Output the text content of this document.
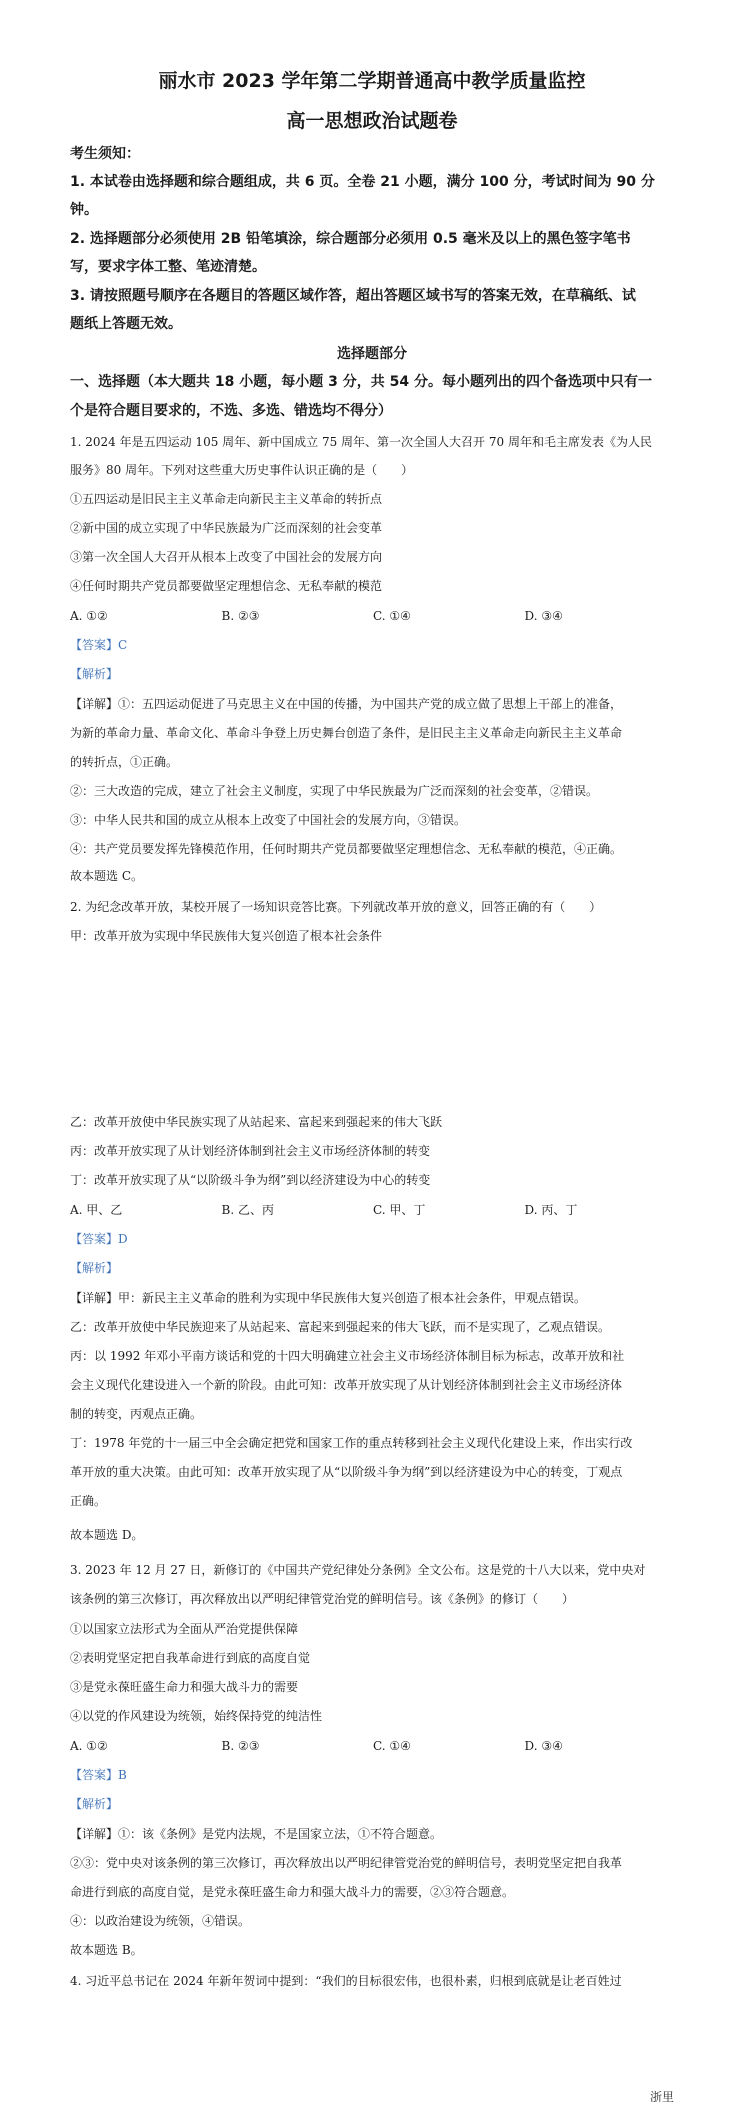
丽水市 2023 学年第二学期普通高中教学质量监控
高一思想政治试题卷
考生须知：
1. 本试卷由选择题和综合题组成，共 6 页。全卷 21 小题，满分 100 分，考试时间为 90 分
钟。
2. 选择题部分必须使用 2B 铅笔填涂，综合题部分必须用 0.5 毫米及以上的黑色签字笔书
写，要求字体工整、笔迹清楚。
3. 请按照题号顺序在各题目的答题区域作答，超出答题区域书写的答案无效，在草稿纸、试
题纸上答题无效。
选择题部分
一、选择题（本大题共 18 小题，每小题 3 分，共 54 分。每小题列出的四个备选项中只有一
个是符合题目要求的，不选、多选、错选均不得分）
1. 2024 年是五四运动 105 周年、新中国成立 75 周年、第一次全国人大召开 70 周年和毛主席发表《为人民
服务》80 周年。下列对这些重大历史事件认识正确的是（　　）
①五四运动是旧民主主义革命走向新民主主义革命的转折点
②新中国的成立实现了中华民族最为广泛而深刻的社会变革
③第一次全国人大召开从根本上改变了中国社会的发展方向
④任何时期共产党员都要做坚定理想信念、无私奉献的模范
A. ①②	B. ②③	C. ①④	D. ③④
【答案】C
【解析】
【详解】①：五四运动促进了马克思主义在中国的传播，为中国共产党的成立做了思想上干部上的准备，
为新的革命力量、革命文化、革命斗争登上历史舞台创造了条件，是旧民主主义革命走向新民主主义革命
的转折点，①正确。
②：三大改造的完成，建立了社会主义制度，实现了中华民族最为广泛而深刻的社会变革，②错误。
③：中华人民共和国的成立从根本上改变了中国社会的发展方向，③错误。
④：共产党员要发挥先锋模范作用，任何时期共产党员都要做坚定理想信念、无私奉献的模范，④正确。
故本题选 C。
2. 为纪念改革开放，某校开展了一场知识竞答比赛。下列就改革开放的意义，回答正确的有（　　）
甲：改革开放为实现中华民族伟大复兴创造了根本社会条件
乙：改革开放使中华民族实现了从站起来、富起来到强起来的伟大飞跃
丙：改革开放实现了从计划经济体制到社会主义市场经济体制的转变
丁：改革开放实现了从“以阶级斗争为纲”到以经济建设为中心的转变
A. 甲、乙	B. 乙、丙	C. 甲、丁	D. 丙、丁
【答案】D
【解析】
【详解】甲：新民主主义革命的胜利为实现中华民族伟大复兴创造了根本社会条件，甲观点错误。
乙：改革开放使中华民族迎来了从站起来、富起来到强起来的伟大飞跃，而不是实现了，乙观点错误。
丙：以 1992 年邓小平南方谈话和党的十四大明确建立社会主义市场经济体制目标为标志，改革开放和社
会主义现代化建设进入一个新的阶段。由此可知：改革开放实现了从计划经济体制到社会主义市场经济体
制的转变，丙观点正确。
丁：1978 年党的十一届三中全会确定把党和国家工作的重点转移到社会主义现代化建设上来，作出实行改
革开放的重大决策。由此可知：改革开放实现了从“以阶级斗争为纲”到以经济建设为中心的转变，丁观点
正确。
故本题选 D。
3. 2023 年 12 月 27 日，新修订的《中国共产党纪律处分条例》全文公布。这是党的十八大以来，党中央对
该条例的第三次修订，再次释放出以严明纪律管党治党的鲜明信号。该《条例》的修订（　　）
①以国家立法形式为全面从严治党提供保障
②表明党坚定把自我革命进行到底的高度自觉
③是党永葆旺盛生命力和强大战斗力的需要
④以党的作风建设为统领，始终保持党的纯洁性
A. ①②	B. ②③	C. ①④	D. ③④
【答案】B
【解析】
【详解】①：该《条例》是党内法规，不是国家立法，①不符合题意。
②③：党中央对该条例的第三次修订，再次释放出以严明纪律管党治党的鲜明信号，表明党坚定把自我革
命进行到底的高度自觉，是党永葆旺盛生命力和强大战斗力的需要，②③符合题意。
④：以政治建设为统领，④错误。
故本题选 B。
4. 习近平总书记在 2024 年新年贺词中提到：“我们的目标很宏伟，也很朴素，归根到底就是让老百姓过
浙里
